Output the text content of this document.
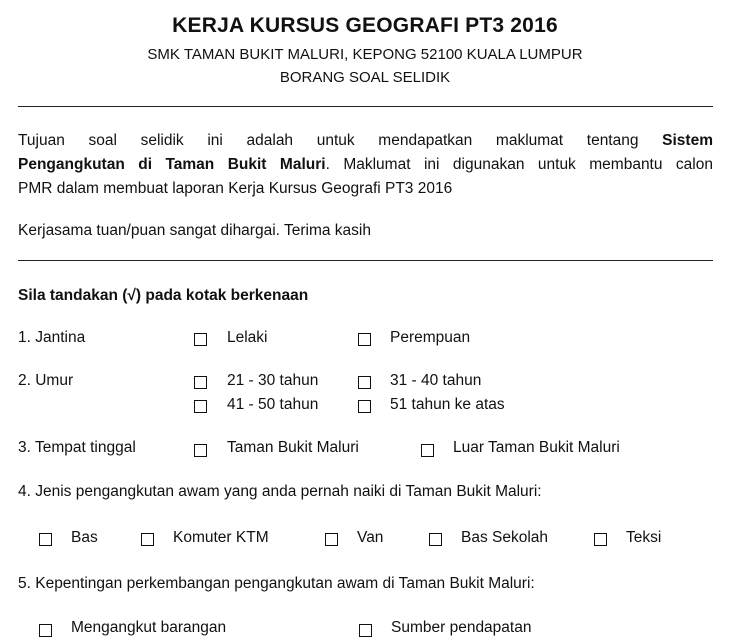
KERJA KURSUS GEOGRAFI PT3 2016
SMK TAMAN BUKIT MALURI, KEPONG 52100 KUALA LUMPUR
BORANG SOAL SELIDIK
Tujuan soal selidik ini adalah untuk mendapatkan maklumat tentang Sistem
Pengangkutan di Taman Bukit Maluri. Maklumat ini digunakan untuk membantu calon
PMR dalam membuat laporan Kerja Kursus Geografi PT3 2016
Kerjasama tuan/puan sangat dihargai. Terima kasih
Sila tandakan (√) pada kotak berkenaan
1. Jantina	Lelaki	Perempuan
2. Umur	21 - 30 tahun	31 - 40 tahun
41 - 50 tahun	51 tahun ke atas
3. Tempat tinggal	Taman Bukit Maluri	Luar Taman Bukit Maluri
4. Jenis pengangkutan awam yang anda pernah naiki di Taman Bukit Maluri:
Bas	Komuter KTM	Van	Bas Sekolah	Teksi
5. Kepentingan perkembangan pengangkutan awam di Taman Bukit Maluri:
Mengangkut barangan	Sumber pendapatan
